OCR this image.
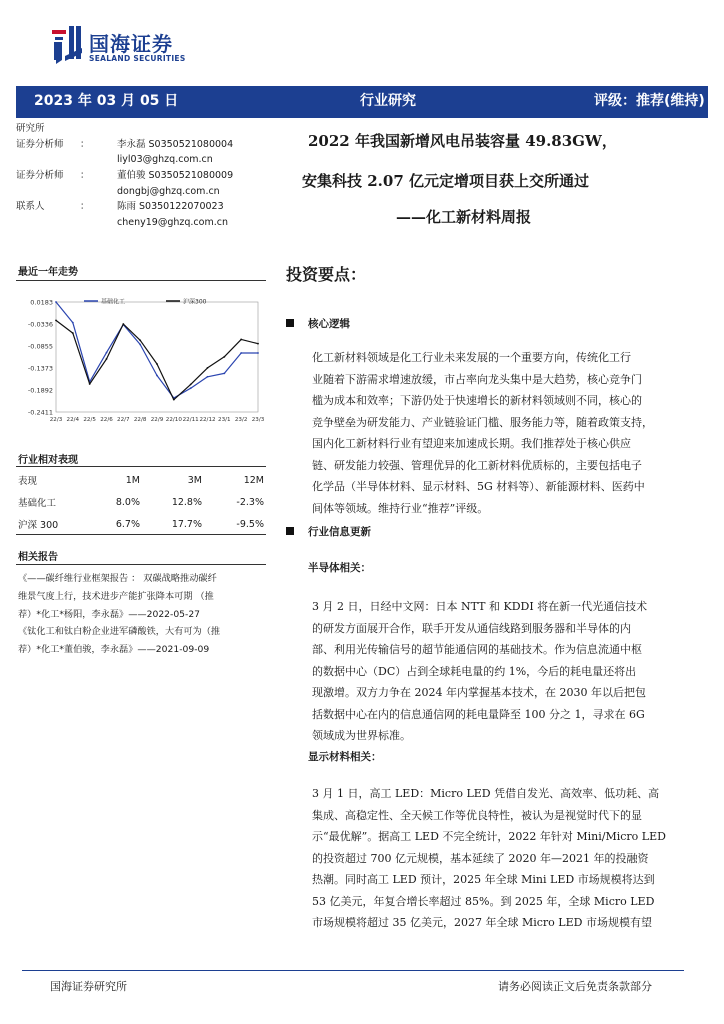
国海证券
SEALAND SECURITIES
2023 年 03 月 05 日	行业研究	评级：推荐(维持)
研究所
证券分析师 ：	李永磊 S0350521080004
liyl03@ghzq.com.cn
证券分析师 ：	董伯骏 S0350521080009
dongbj@ghzq.com.cn
联系人	：	陈雨 S0350122070023
cheny19@ghzq.com.cn
2022 年我国新增风电吊装容量 49.83GW，
安集科技 2.07 亿元定增项目获上交所通过
——化工新材料周报
最近一年走势
0.0183
-0.0336
-0.0855
-0.1373
-0.1892
-0.2411
22/3 22/4 22/5 22/6 22/7 22/8 22/9 22/10 22/11 22/12 23/1 23/2 23/3
基础化工	沪深300
行业相对表现
表现	1M	3M	12M
基础化工	8.0%	12.8%	-2.3%
沪深 300	6.7%	17.7%	-9.5%
相关报告
《——碳纤维行业框架报告 ： 双碳战略推动碳纤
维景气度上行，技术进步产能扩张降本可期 （推
荐）*化工*杨阳，李永磊》——2022-05-27
《钛化工和钛白粉企业进军磷酸铁，大有可为（推
荐）*化工*董伯骏，李永磊》——2021-09-09
投资要点：
核心逻辑
化工新材料领域是化工行业未来发展的一个重要方向，传统化工行
业随着下游需求增速放缓，市占率向龙头集中是大趋势，核心竞争门
槛为成本和效率；下游仍处于快速增长的新材料领域则不同，核心的
竞争壁垒为研发能力、产业链验证门槛、服务能力等，随着政策支持，
国内化工新材料行业有望迎来加速成长期。我们推荐处于核心供应
链、研发能力较强、管理优异的化工新材料优质标的，主要包括电子
化学品（半导体材料、显示材料、5G 材料等）、新能源材料、医药中
间体等领域。维持行业“推荐”评级。
行业信息更新
半导体相关：
3 月 2 日，日经中文网：日本 NTT 和 KDDI 将在新一代光通信技术
的研发方面展开合作，联手开发从通信线路到服务器和半导体的内
部、利用光传输信号的超节能通信网的基础技术。作为信息流通中枢
的数据中心（DC）占到全球耗电量的约 1%，今后的耗电量还将出
现激增。双方力争在 2024 年内掌握基本技术，在 2030 年以后把包
括数据中心在内的信息通信网的耗电量降至 100 分之 1，寻求在 6G
领域成为世界标准。
显示材料相关：
3 月 1 日，高工 LED：Micro LED 凭借自发光、高效率、低功耗、高
集成、高稳定性、全天候工作等优良特性，被认为是视觉时代下的显
示“最优解”。据高工 LED 不完全统计，2022 年针对 Mini/Micro LED
的投资超过 700 亿元规模，基本延续了 2020 年—2021 年的投融资
热潮。同时高工 LED 预计，2025 年全球 Mini LED 市场规模将达到
53 亿美元，年复合增长率超过 85%。到 2025 年，全球 Micro LED
市场规模将超过 35 亿美元，2027 年全球 Micro LED 市场规模有望
国海证券研究所	请务必阅读正文后免责条款部分
